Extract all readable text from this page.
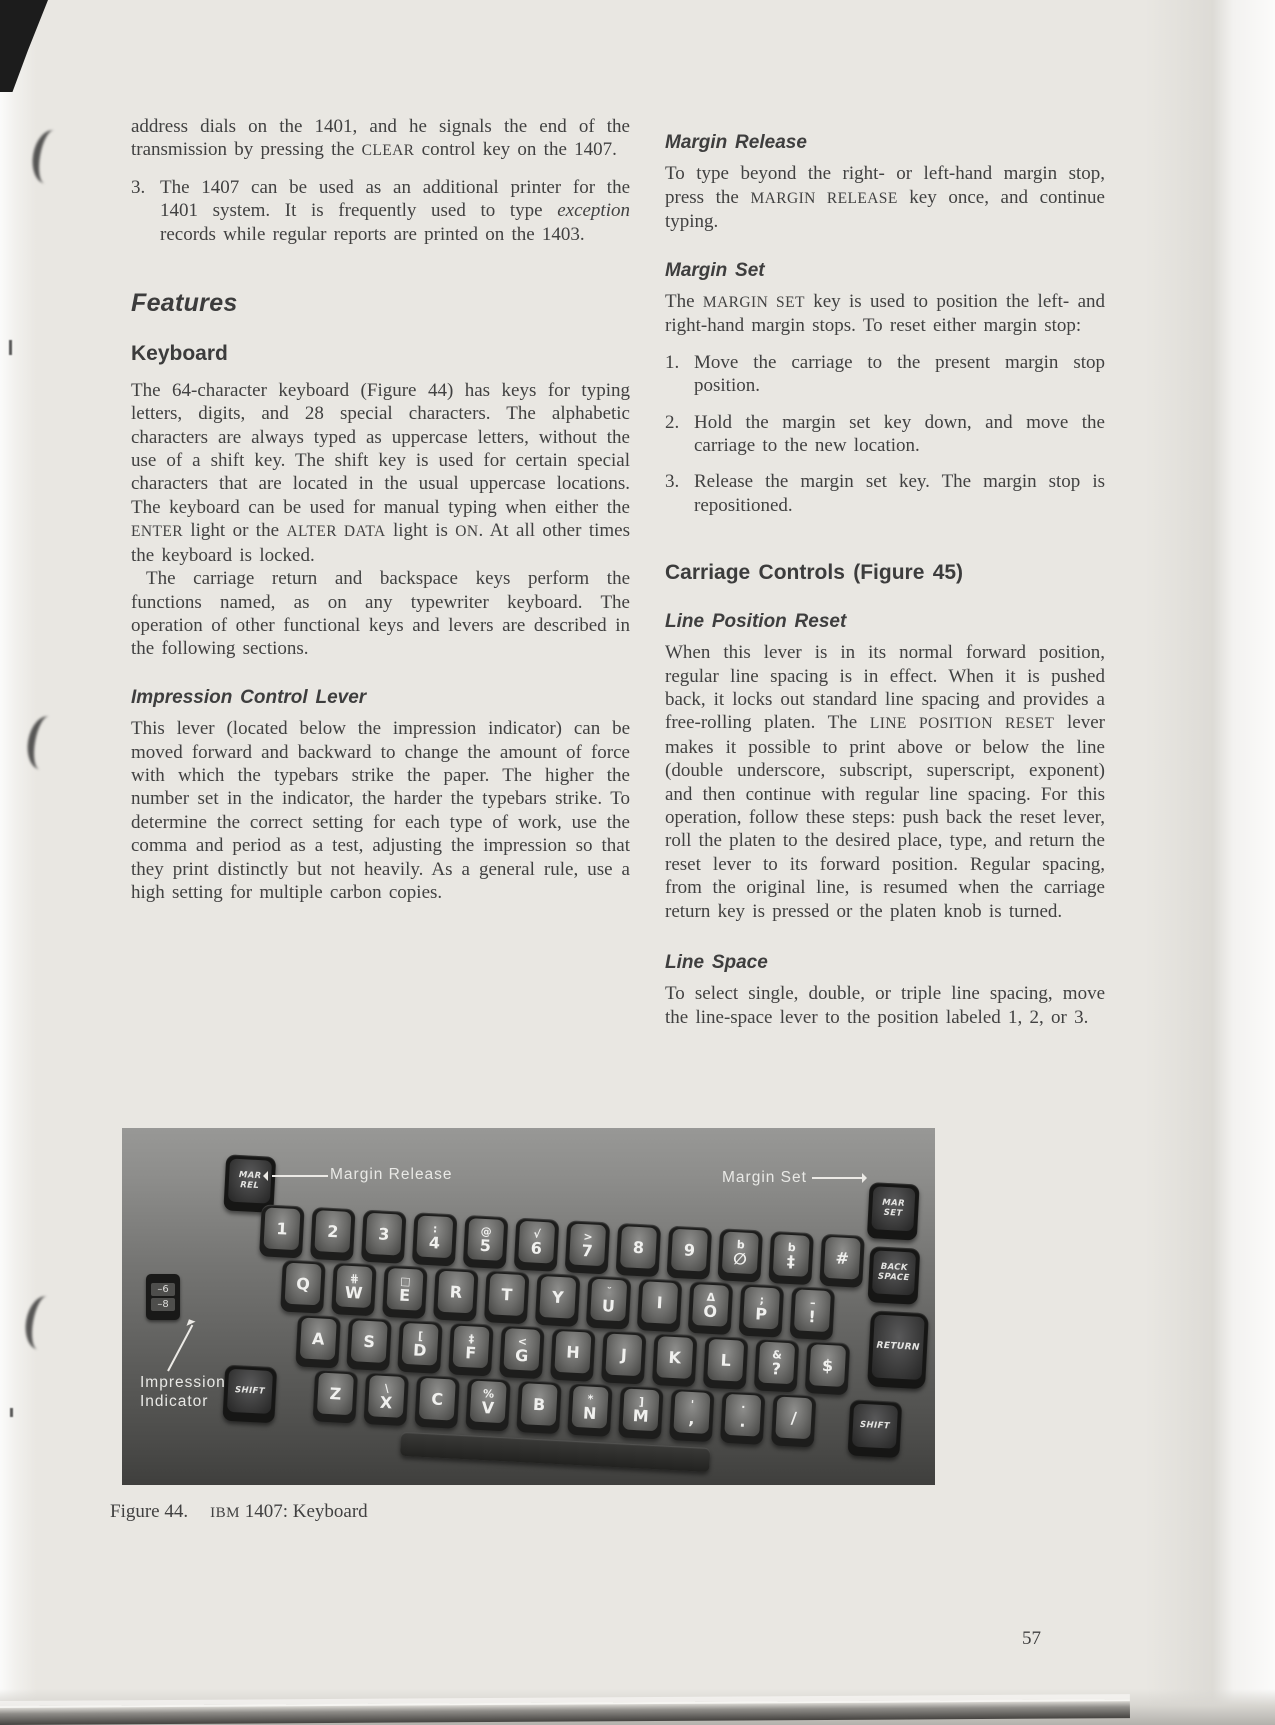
address dials on the 1401, and he signals the end of the transmission by pressing the CLEAR control key on the 1407.

3. The 1407 can be used as an additional printer for the 1401 system. It is frequently used to type exception records while regular reports are printed on the 1403.
Features
Keyboard

The 64-character keyboard (Figure 44) has keys for typing letters, digits, and 28 special characters. The alphabetic characters are always typed as uppercase letters, without the use of a shift key. The shift key is used for certain special characters that are located in the usual uppercase locations. The keyboard can be used for manual typing when either the ENTER light or the ALTER DATA light is ON. At all other times the keyboard is locked.

The carriage return and backspace keys perform the functions named, as on any typewriter keyboard. The operation of other functional keys and levers are described in the following sections.

Impression Control Lever

This lever (located below the impression indicator) can be moved forward and backward to change the amount of force with which the typebars strike the paper. The higher the number set in the indicator, the harder the typebars strike. To determine the correct setting for each type of work, use the comma and period as a test, adjusting the impression so that they print distinctly but not heavily. As a general rule, use a high setting for multiple carbon copies.

Margin Release

To type beyond the right- or left-hand margin stop, press the MARGIN RELEASE key once, and continue typing.

Margin Set

The MARGIN SET key is used to position the left- and right-hand margin stops. To reset either margin stop:

1. Move the carriage to the present margin stop position.
2. Hold the margin set key down, and move the carriage to the new location.
3. Release the margin set key. The margin stop is repositioned.
Carriage Controls (Figure 45)
Line Position Reset

When this lever is in its normal forward position, regular line spacing is in effect. When it is pushed back, it locks out standard line spacing and provides a free-rolling platen. The LINE POSITION RESET lever makes it possible to print above or below the line (double underscore, subscript, superscript, exponent) and then continue with regular line spacing. For this operation, follow these steps: push back the reset lever, roll the platen to the desired place, type, and return the reset lever to its forward position. Regular spacing, from the original line, is resumed when the carriage return key is pressed or the platen knob is turned.

Line Space

To select single, double, or triple line spacing, move the line-space lever to the position labeled 1, 2, or 3.

MAR
REL
MAR
SET
BACK
SPACE
RETURN
SHIFT
SHIFT
1 2 3	:
4
@
5
√
6
>
7 8 9	b
∅
b
‡ #
Q	⋕
W
□
E R T Y	˘
U	I	Δ
O
;
P
–
!
A S	[
D
‡
F
<
G H	J	K L	&
?	$
Z	\
X C	%
V B	*
N
]
M
'
,
·
.	/
–6
–8
Margin Release	Margin Set
Impression Indicator
Figure 44. IBM 1407: Keyboard
57
